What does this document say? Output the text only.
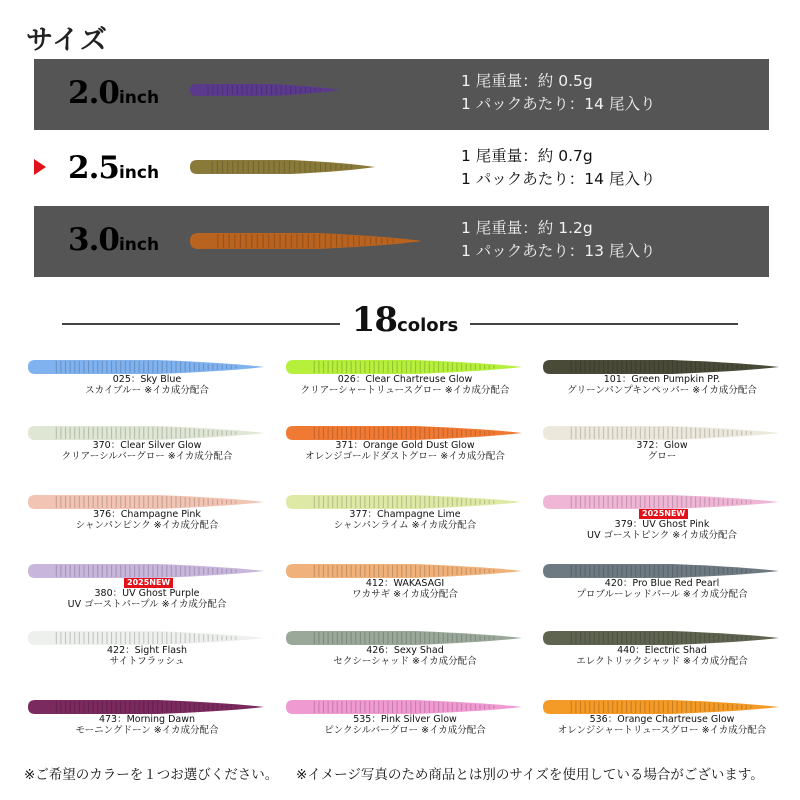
サイズ
2.0inch
1 尾重量：約 0.5g
1 パックあたり：14 尾入り
2.5inch
1 尾重量：約 0.7g
1 パックあたり：14 尾入り
3.0inch
1 尾重量：約 1.2g
1 パックあたり：13 尾入り
18colors
025：Sky Blue
スカイブルー ※イカ成分配合
026：Clear Chartreuse Glow
クリアーシャートリュースグロー ※イカ成分配合
101：Green Pumpkin PP.
グリーンパンプキンペッパー ※イカ成分配合
370：Clear Silver Glow
クリアーシルバーグロー ※イカ成分配合
371：Orange Gold Dust Glow
オレンジゴールドダストグロー ※イカ成分配合
372：Glow
グロー
376：Champagne Pink
シャンパンピンク ※イカ成分配合
377：Champagne Lime
シャンパンライム ※イカ成分配合
2025NEW
379：UV Ghost Pink
UV ゴーストピンク ※イカ成分配合
2025NEW
380：UV Ghost Purple
UV ゴーストパープル ※イカ成分配合
412：WAKASAGI
ワカサギ ※イカ成分配合
420：Pro Blue Red Pearl
プロブルーレッドパール ※イカ成分配合
422：Sight Flash
サイトフラッシュ
426：Sexy Shad
セクシーシャッド ※イカ成分配合
440：Electric Shad
エレクトリックシャッド ※イカ成分配合
473：Morning Dawn
モーニングドーン ※イカ成分配合
535：Pink Silver Glow
ピンクシルバーグロー ※イカ成分配合
536：Orange Chartreuse Glow
オレンジシャートリュースグロー ※イカ成分配合
※ご希望のカラーを１つお選びください。 ※イメージ写真のため商品とは別のサイズを使用している場合がございます。
